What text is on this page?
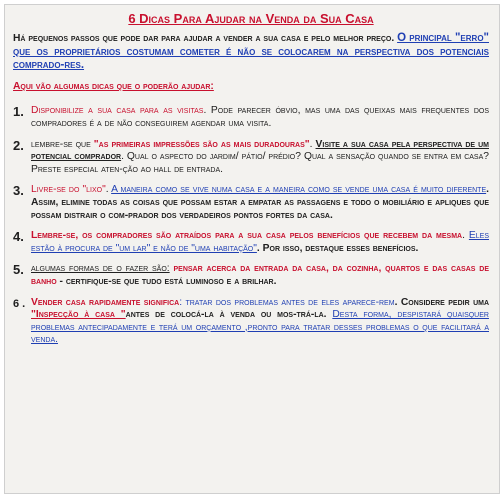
6 Dicas Para Ajudar na Venda da Sua Casa
Há pequenos passos que pode dar para ajudar a vender a sua casa e pelo melhor preço. O principal "erro" que os proprietários costumam cometer é não se colocarem na perspectiva dos potenciais comprado-res.
Aqui vão algumas dicas que o poderão ajudar:
1. Disponibilize a sua casa para as visitas. Pode parecer óbvio, mas uma das queixas mais frequentes dos compradores é a de não conseguirem agendar uma visita.
2. lembre-se que "as primeiras impressões são as mais duradouras". Visite a sua casa pela perspectiva de um potencial comprador. Qual o aspecto do jardim/ pátio/ prédio? Qual a sensação quando se entra em casa? Preste especial aten-ção ao hall de entrada.
3. Livre-se do "lixo". A maneira como se vive numa casa e a maneira como se vende uma casa é muito diferente. Assim, elimine todas as coisas que possam estar a empatar as passagens e todo o mobiliário e apliques que possam distrair o com-prador dos verdadeiros pontos fortes da casa.
4. Lembre-se, os compradores são atraídos para a sua casa pelos benefícios que recebem da mesma. Eles estão à procura de "um lar" e não de "uma habitação". Por isso, destaque esses benefícios.
5. algumas formas de o fazer são: pensar acerca da entrada da casa, da cozinha, quartos e das casas de banho - certifique-se que tudo está luminoso e a brilhar.
6 . Vender casa rapidamente significa: tratar dos problemas antes de eles aparece-rem. Considere pedir uma "Inspecção à casa "antes de colocá-la à venda ou mos-trá-la. Desta forma, despistará quaisquer problemas antecipadamente e terá um orçamento ,pronto para tratar desses problemas o que facilitará a venda.
